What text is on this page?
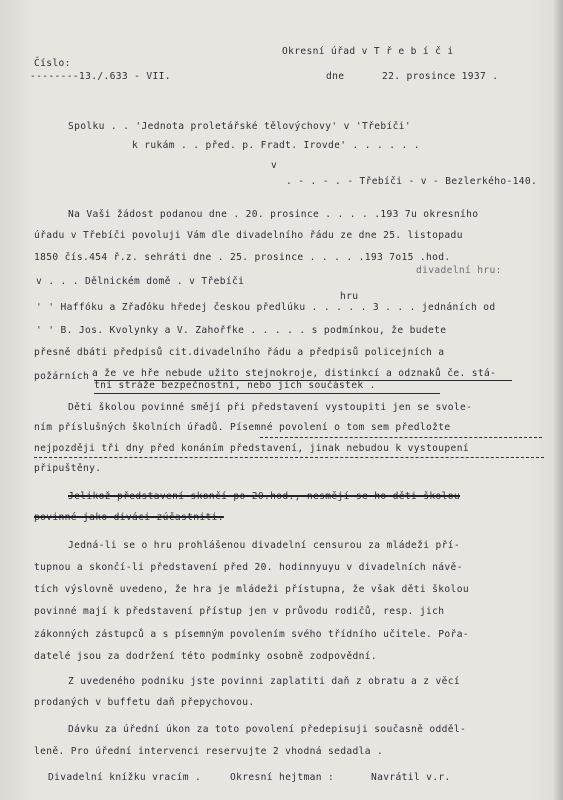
Číslo:
--------13./.633 - VII.
Okresní úřad v T ř e b í č i
dne	22. prosince 1937 .
Spolku . . 'Jednota proletářské tělovýchovy' v 'Třebíči'
k rukám . . před. p. Fradt. Irovde' . . . . . .
v
. - . - . - Třebíči - v - Bezlerkého-140.
Na Vaši žádost podanou dne . 20. prosince . . . . .193 7u okresního
úřadu v Třebíči povoluji Vám dle divadelního řádu ze dne 25. listopadu
1850 čís.454 ř.z. sehráti dne . 25. prosince . . . . .193 7o15 .hod.
divadelní hru:
v . . . Dělnickém domě . v Třebíči
hru
' ' Haffóku a Zřaďóku hředej českou předlúku . . . . . 3 . . . jednáních od
' ' B. Jos. Kvolynky a V. Zahořfke . . . . . s podmínkou, že budete
přesně dbáti předpisů cit.divadelního řádu a předpisů policejních a
požárních a že ve hře nebude užito stejnokroje, distinkcí a odznaků če. stá-
tní stráže bezpečnostní, nebo jich součástek .
Děti školou povinné smějí při představení vystoupiti jen se svole-
ním příslušných školních úřadů. Písemné povolení o tom sem předložte
nejpozději tři dny před konáním představení, jinak nebudou k vystoupení
připuštěny.
Jelikož představení skončí po 20.hod., nesmějí se ho děti školou
povinné jako diváci zúčastniti.
Jedná-li se o hru prohlášenou divadelní censurou za mládeži pří-
tupnou a skončí-li představení před 20. hodinnyuyu v divadelních návě-
tích výslovně uvedeno, že hra je mládeži přístupna, že však děti školou
povinné mají k představení přístup jen v průvodu rodičů, resp. jich
zákonných zástupců a s písemným povolením svého třídního učitele. Pořa-
datelé jsou za dodržení této podmínky osobně zodpovědní.
Z uvedeného podniku jste povinni zaplatiti daň z obratu a z věcí
prodaných v buffetu daň přepychovou.
Dávku za úřední úkon za toto povolení předepisuji současně odděl-
leně. Pro úřední intervenci reservujte 2 vhodná sedadla .
Divadelní knížku vracím .	Okresní hejtman :	Navrátil v.r.
